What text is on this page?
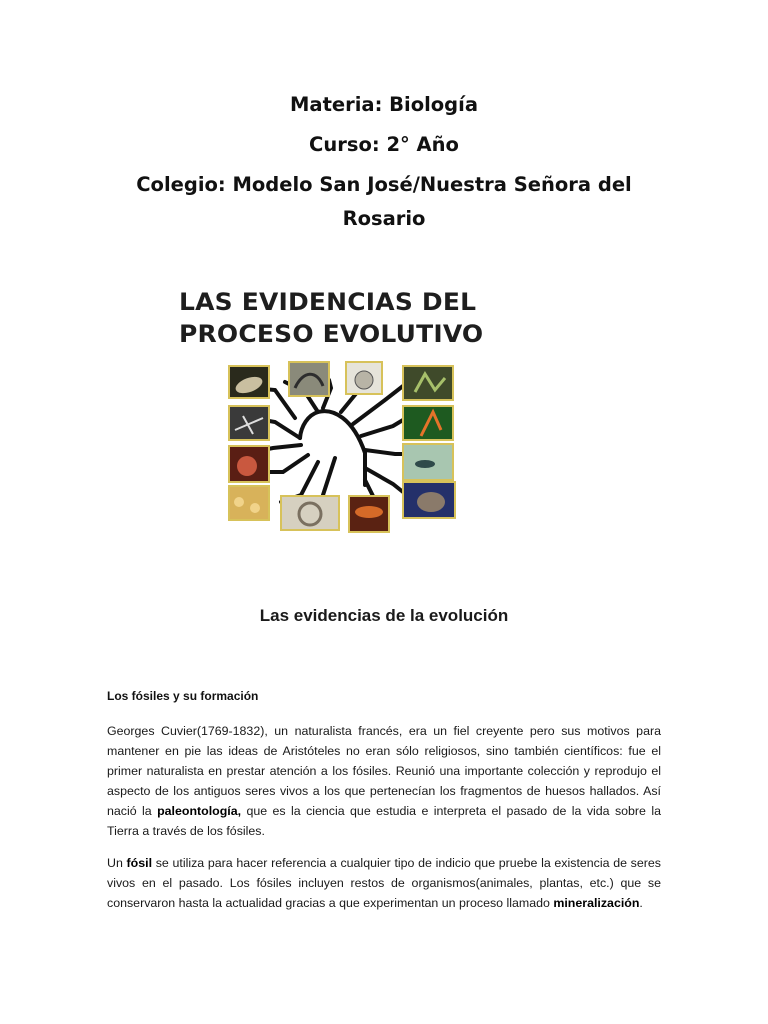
Materia: Biología

Curso: 2° Año

Colegio: Modelo San José/Nuestra Señora del Rosario

LAS EVIDENCIAS DEL
PROCESO EVOLUTIVO
Las evidencias de la evolución

Los fósiles y su formación

Georges Cuvier(1769-1832), un naturalista francés, era un fiel creyente pero sus motivos para mantener en pie las ideas de Aristóteles no eran sólo religiosos, sino también científicos: fue el primer naturalista en prestar atención a los fósiles. Reunió una importante colección y reprodujo el aspecto de los antiguos seres vivos a los que pertenecían los fragmentos de huesos hallados. Así nació la paleontología, que es la ciencia que estudia e interpreta el pasado de la vida sobre la Tierra a través de los fósiles.

Un fósil se utiliza para hacer referencia a cualquier tipo de indicio que pruebe la existencia de seres vivos en el pasado. Los fósiles incluyen restos de organismos(animales, plantas, etc.) que se conservaron hasta la actualidad gracias a que experimentan un proceso llamado mineralización.
